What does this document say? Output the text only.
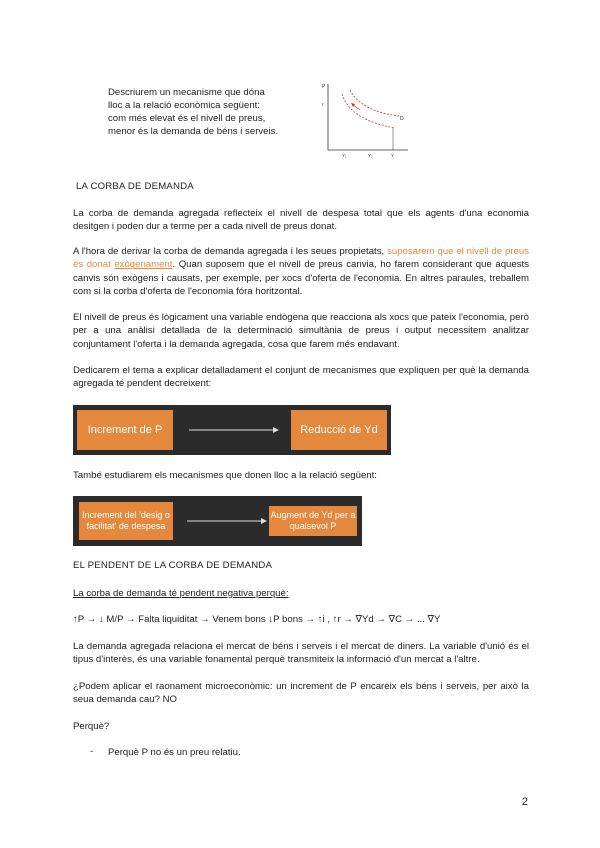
Descriurem un mecanisme que dóna
lloc a la relació econòmica següent:
com més elevat és el nivell de preus,
menor és la demanda de béns i serveis.
P
r
D
Y₁	Y₂	Y
LA CORBA DE DEMANDA
La corba de demanda agregada reflecteix el nivell de despesa total que els agents d'una economia desitgen i poden dur a terme per a cada nivell de preus donat.
A l'hora de derivar la corba de demanda agregada i les seues propietats, suposarem que el nivell de preus és donat exògenament. Quan suposem que el nivell de preus canvia, ho farem considerant que aquests canvis són exògens i causats, per exemple, per xocs d'oferta de l'economia. En altres paraules, treballem com si la corba d'oferta de l'economia fóra horitzontal.
El nivell de preus és lògicament una variable endògena que reacciona als xocs que pateix l'economia, però per a una anàlisi detallada de la determinació simultània de preus i output necessitem analitzar conjuntament l'oferta i la demanda agregada, cosa que farem més endavant.
Dedicarem el tema a explicar detalladament el conjunt de mecanismes que expliquen per què la demanda agregada té pendent decreixent:
Increment de P	Reducció de Yd
També estudiarem els mecanismes que donen lloc a la relació següent:
Increment del 'desig o facilitat' de despesa
Augment de Yd per a qualsevol P
EL PENDENT DE LA CORBA DE DEMANDA
La corba de demanda té pendent negativa perquè:
↑P → ↓ M/P → Falta liquiditat → Venem bons ↓P bons → ↑i , ↑r → ∇Yd → ∇C → ... ∇Y
La demanda agregada relaciona el mercat de béns i serveis i el mercat de diners. La variable d'unió és el tipus d'interès, és una variable fonamental perquè transmiteix la informació d'un mercat a l'altre.
¿Podem aplicar el raonament microeconòmic: un increment de P encareix els béns i serveis, per això la seua demanda cau? NO
Perquè?
- Perquè P no és un preu relatiu.
2
